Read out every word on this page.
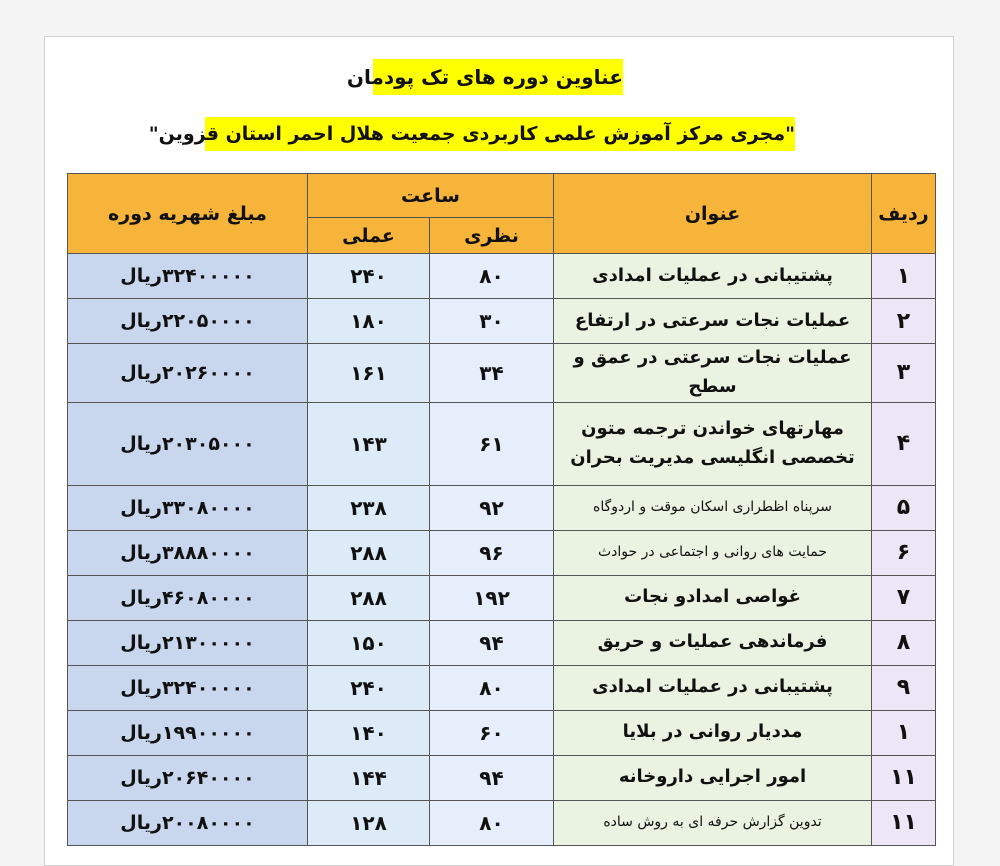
عناوین دوره های تک پودمان
"مجری مرکز آموزش علمی کاربردی جمعیت هلال احمر استان قزوین"
ردیف	عنوان	ساعت		مبلغ شهریه دوره
		نظری	عملی	
۱	پشتیبانی در عملیات امدادی	۸۰	۲۴۰	۳۲۴۰۰۰۰۰ریال
۲	عملیات نجات سرعتی در ارتفاع	۳۰	۱۸۰	۲۲۰۵۰۰۰۰ریال
۳	عملیات نجات سرعتی در عمق و سطح	۳۴	۱۶۱	۲۰۲۶۰۰۰۰ریال
۴	مهارتهای خواندن ترجمه متون تخصصی انگلیسی مدیریت بحران	۶۱	۱۴۳	۲۰۳۰۵۰۰۰ریال
۵	سرپناه اظطراری اسکان موقت و اردوگاه	۹۲	۲۳۸	۳۳۰۸۰۰۰۰ریال
۶	حمایت های روانی و اجتماعی در حوادث	۹۶	۲۸۸	۳۸۸۸۰۰۰۰ریال
۷	غواصی امدادو نجات	۱۹۲	۲۸۸	۴۶۰۸۰۰۰۰ریال
۸	فرماندهی عملیات و حریق	۹۴	۱۵۰	۲۱۳۰۰۰۰۰ریال
۹	پشتیبانی در عملیات امدادی	۸۰	۲۴۰	۳۲۴۰۰۰۰۰ریال
۱	مددیار روانی در بلایا	۶۰	۱۴۰	۱۹۹۰۰۰۰۰ریال
۱۱	امور اجرایی داروخانه	۹۴	۱۴۴	۲۰۶۴۰۰۰۰ریال
۱۱	تدوین گزارش حرفه ای به روش ساده	۸۰	۱۲۸	۲۰۰۸۰۰۰۰ریال
